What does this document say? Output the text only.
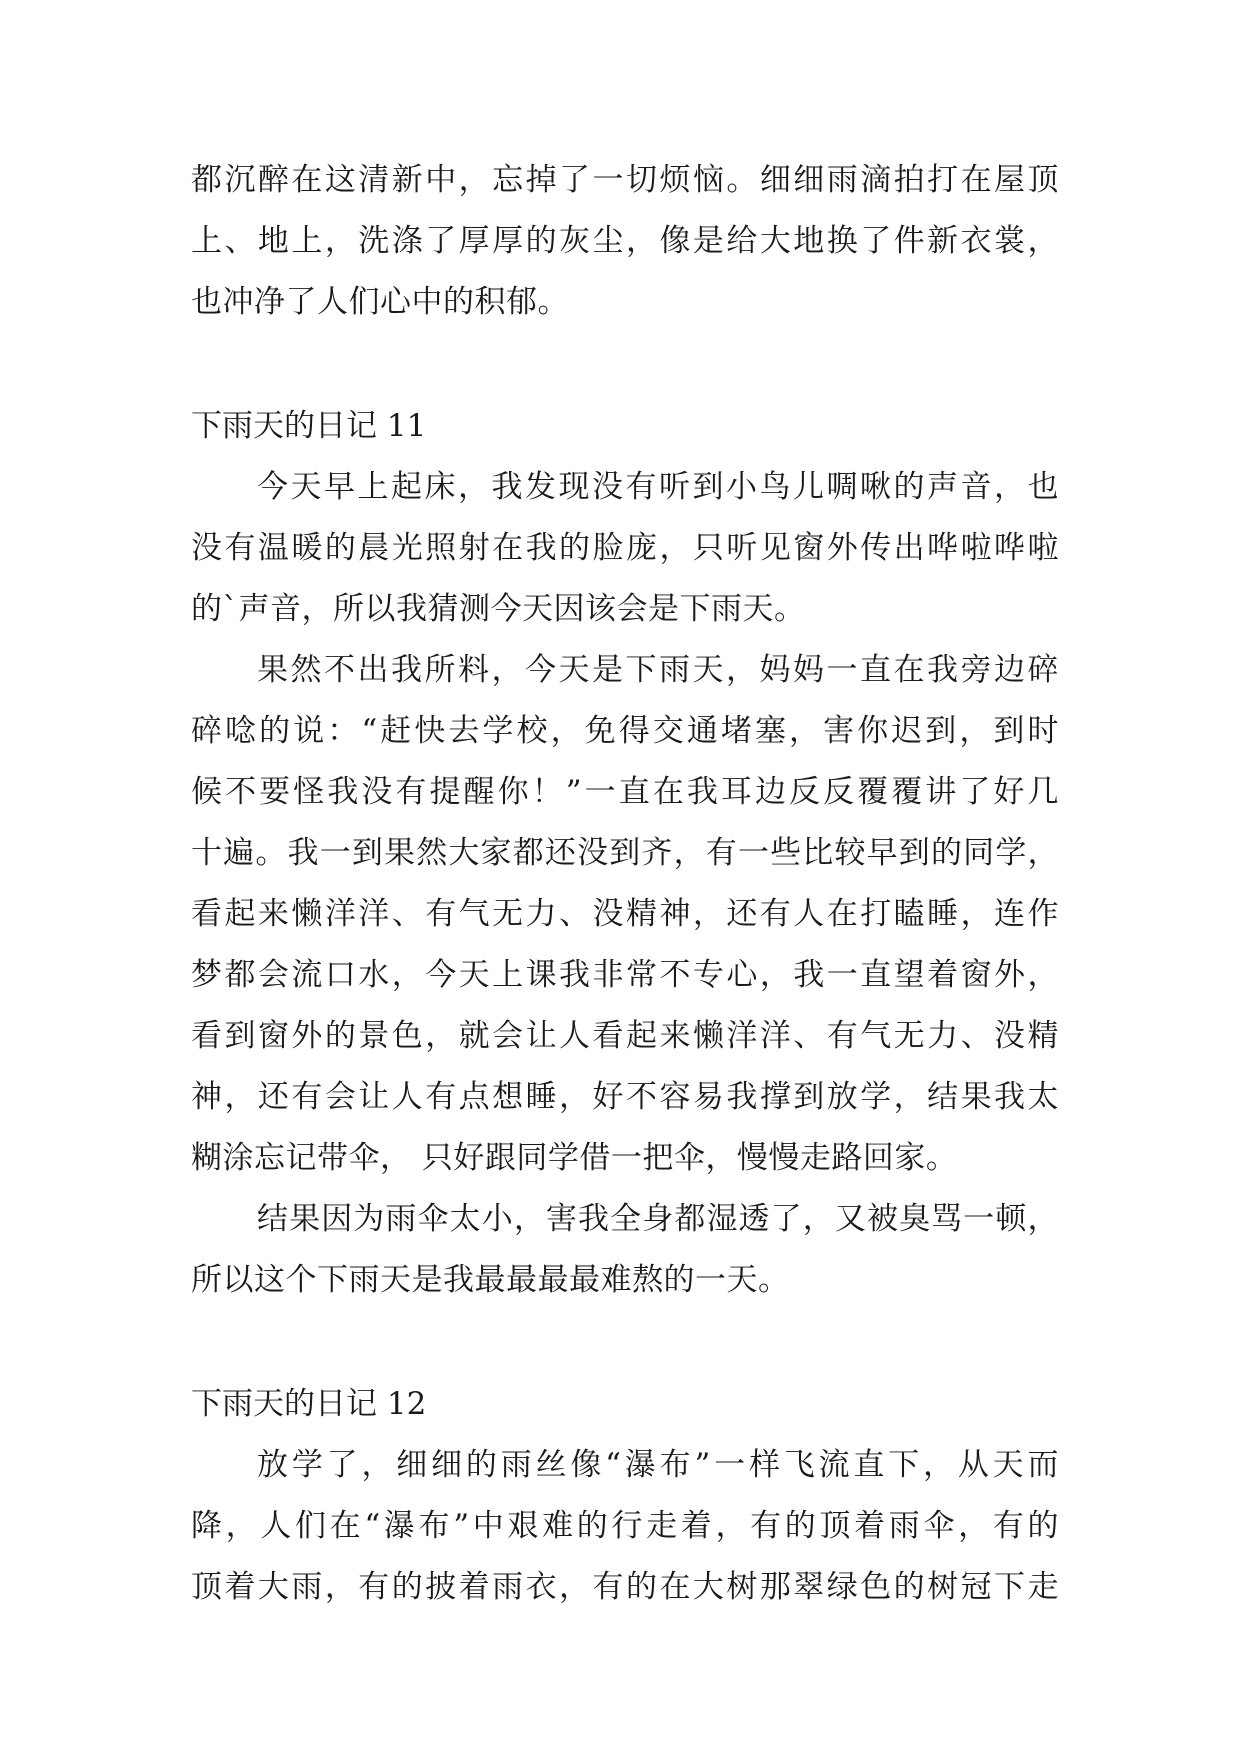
都沉醉在这清新中，忘掉了一切烦恼。细细雨滴拍打在屋顶
上、地上，洗涤了厚厚的灰尘，像是给大地换了件新衣裳，
也冲净了人们心中的积郁。
下雨天的日记 11
今天早上起床，我发现没有听到小鸟儿啁啾的声音，也
没有温暖的晨光照射在我的脸庞，只听见窗外传出哗啦哗啦
的`声音，所以我猜测今天因该会是下雨天。
果然不出我所料，今天是下雨天，妈妈一直在我旁边碎
碎唸的说：“赶快去学校，免得交通堵塞，害你迟到，到时
候不要怪我没有提醒你！”一直在我耳边反反覆覆讲了好几
十遍。我一到果然大家都还没到齐，有一些比较早到的同学，
看起来懒洋洋、有气无力、没精神，还有人在打瞌睡，连作
梦都会流口水，今天上课我非常不专心，我一直望着窗外，
看到窗外的景色，就会让人看起来懒洋洋、有气无力、没精
神，还有会让人有点想睡，好不容易我撑到放学，结果我太
糊涂忘记带伞， 只好跟同学借一把伞，慢慢走路回家。
结果因为雨伞太小，害我全身都湿透了，又被臭骂一顿，
所以这个下雨天是我最最最最难熬的一天。
下雨天的日记 12
放学了，细细的雨丝像“瀑布”一样飞流直下，从天而
降，人们在“瀑布”中艰难的行走着，有的顶着雨伞，有的
顶着大雨，有的披着雨衣，有的在大树那翠绿色的树冠下走
